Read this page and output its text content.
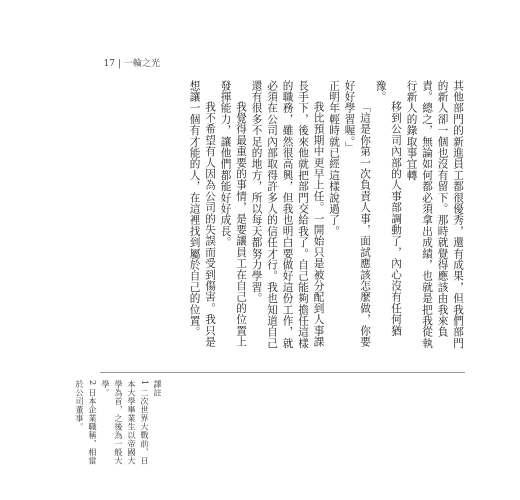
17 | 一輪之光

其他部門的新進員工都很優秀，還有成果，但我們部門的新人卻一個也沒有留下。那時就覺得應該由我來負責。總之，無論如何都必須拿出成績，也就是把我從執行新人的錄取事宜轉

移到公司內部的人事部調動了，內心沒有任何猶豫。

「這是你第一次負責人事，面試應該怎麼做，你要好好學習喔。」

正明年輕時就已經這樣說過了。

我比預期中更早上任。一開始只是被分配到人事課長手下，後來他就把部門交給我了。自己能夠擔任這樣的職務，雖然很高興，但我也明白要做好這份工作，就必須在公司內部取得許多人的信任才行。我也知道自己還有很多不足的地方，所以每天都努力學習。

我覺得最重要的事情，是要讓員工在自己的位置上發揮能力，讓他們都能好好成長。

我不希望有人因為公司的失誤而受到傷害。我只是想讓一個有才能的人，在這裡找到屬於自己的位置。

譯註

1 二次世界大戰前，日本大學畢業生以帝國大學為首，之後為一般大學。

2 日本企業職稱，相當於公司董事。
